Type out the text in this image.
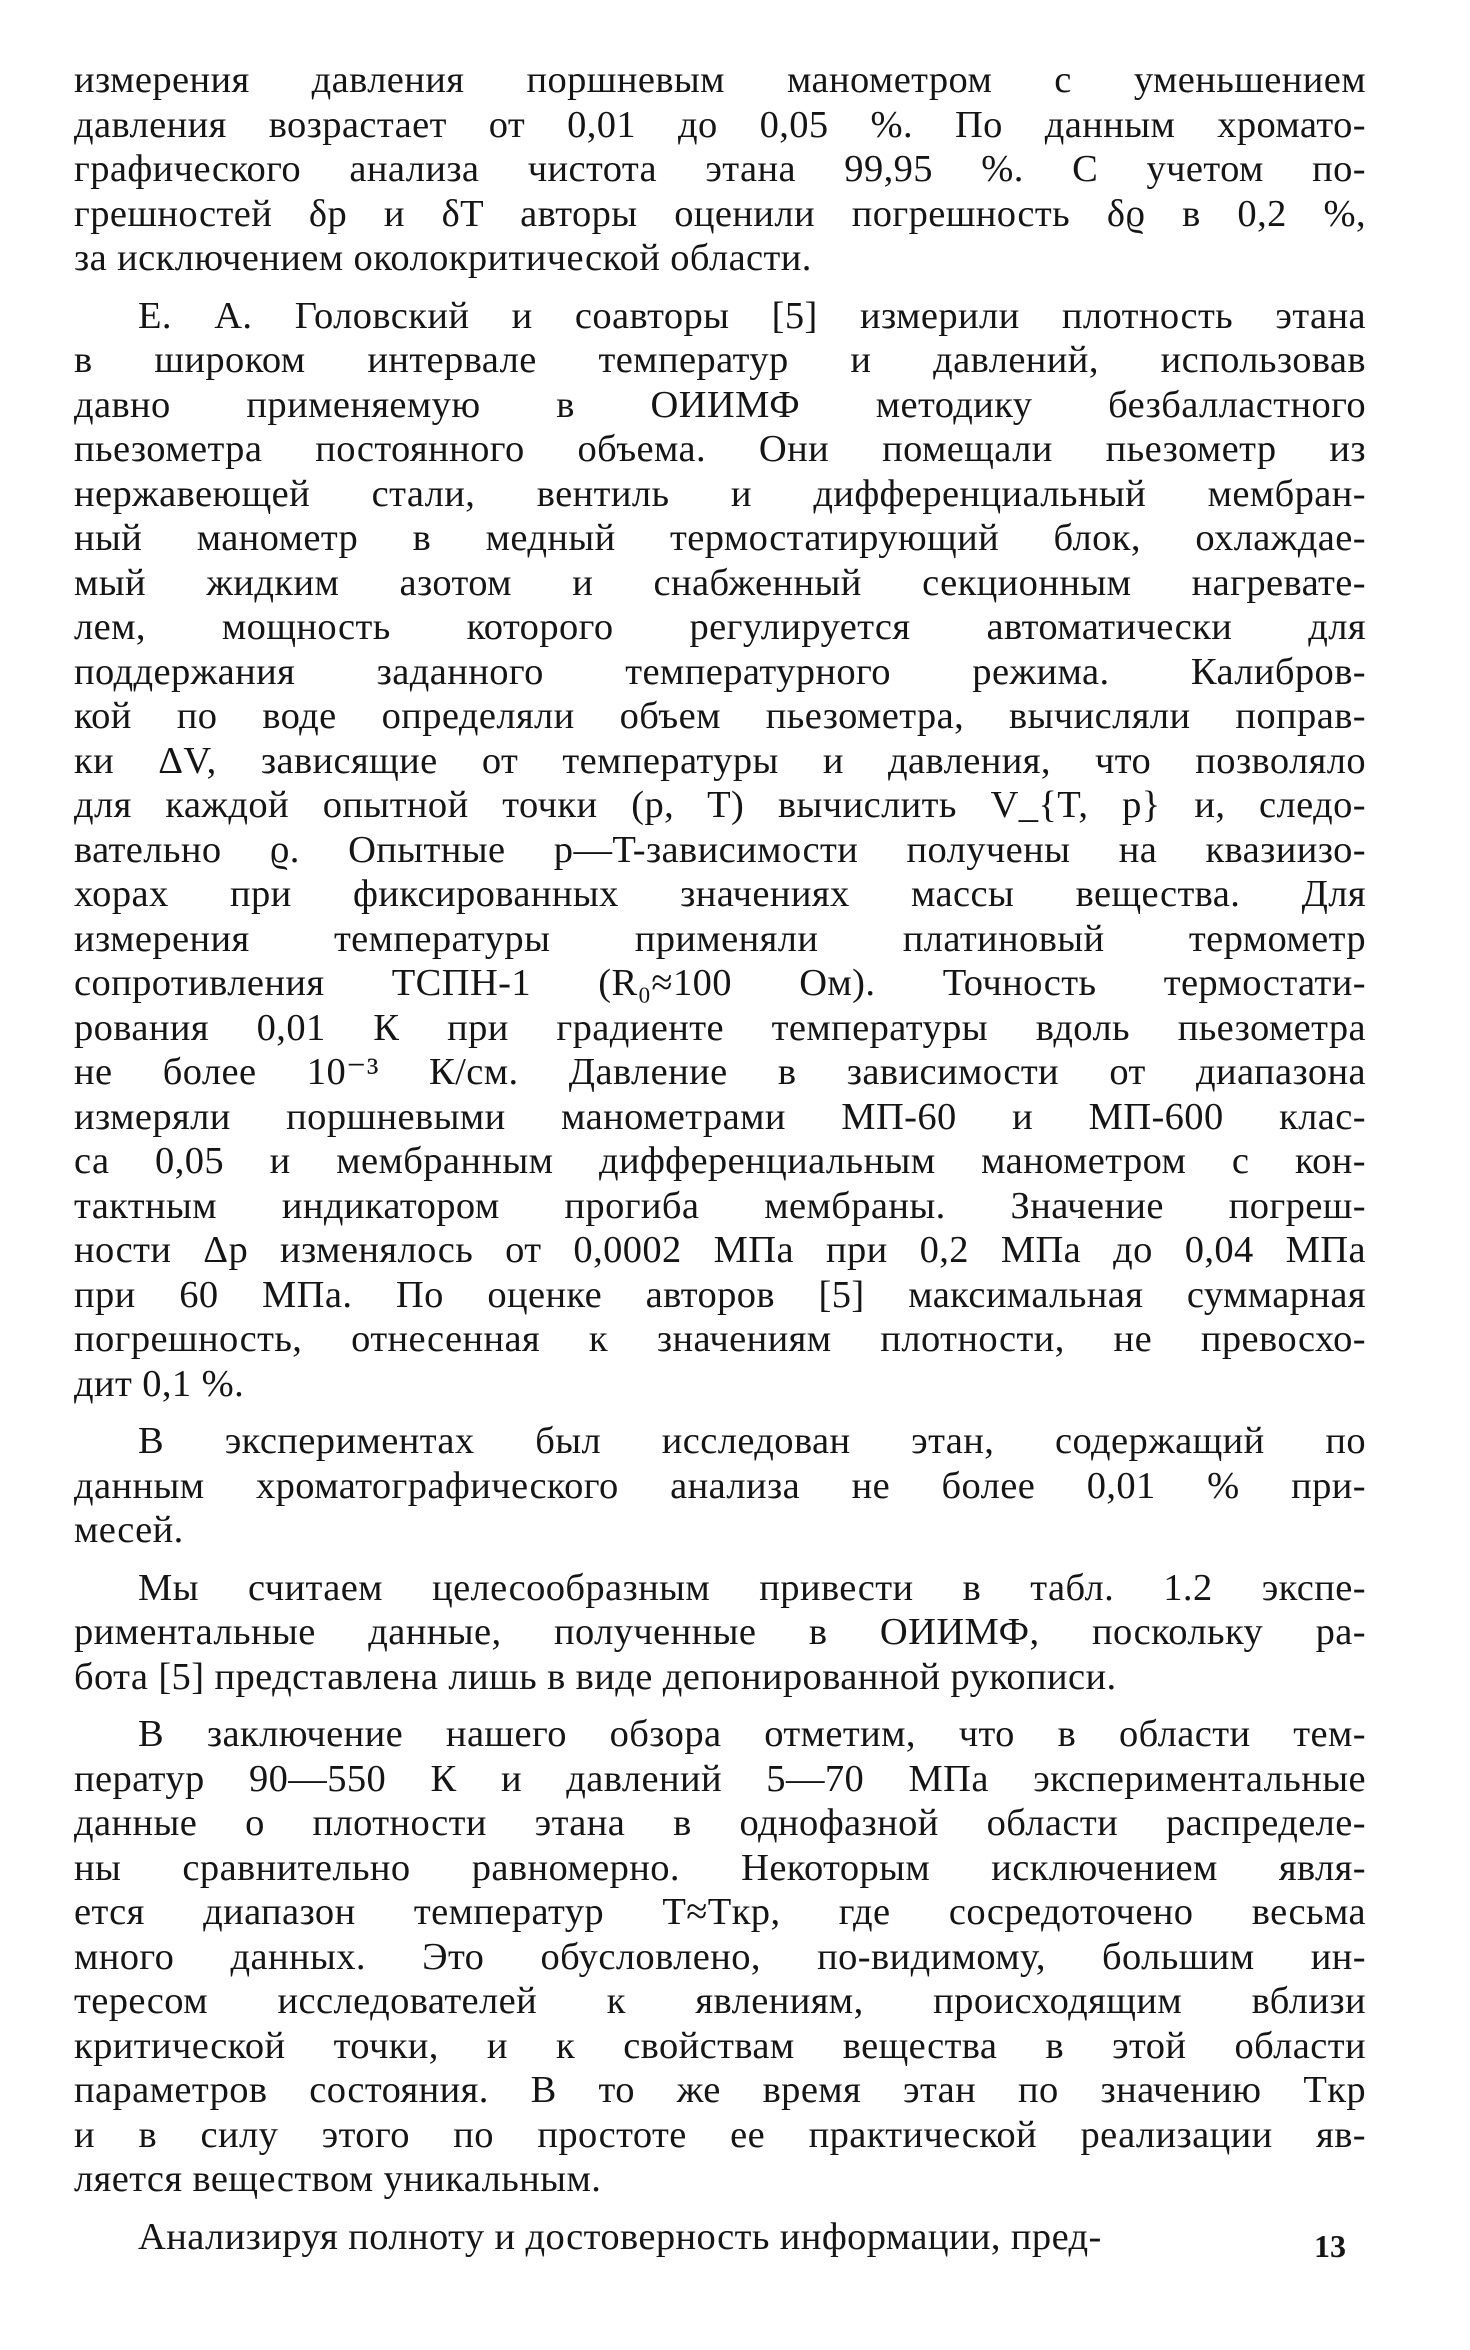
измерения давления поршневым манометром с уменьшением
давления возрастает от 0,01 до 0,05 %. По данным хромато-
графического анализа чистота этана 99,95 %. С учетом по-
грешностей δp и δT авторы оценили погрешность δϱ в 0,2 %,
за исключением околокритической области.
Е. А. Головский и соавторы [5] измерили плотность этана
в широком интервале температур и давлений, использовав
давно применяемую в ОИИМФ методику безбалластного
пьезометра постоянного объема. Они помещали пьезометр из
нержавеющей стали, вентиль и дифференциальный мембран-
ный манометр в медный термостатирующий блок, охлаждае-
мый жидким азотом и снабженный секционным нагревате-
лем, мощность которого регулируется автоматически для
поддержания заданного температурного режима. Калибров-
кой по воде определяли объем пьезометра, вычисляли поправ-
ки ΔV, зависящие от температуры и давления, что позволяло
для каждой опытной точки (p, T) вычислить V_{T, p} и, следо-
вательно ϱ. Опытные p—T-зависимости получены на квазиизо-
хорах при фиксированных значениях массы вещества. Для
измерения температуры применяли платиновый термометр
сопротивления ТСПН-1 (R₀≈100 Ом). Точность термостати-
рования 0,01 К при градиенте температуры вдоль пьезометра
не более 10⁻³ К/см. Давление в зависимости от диапазона
измеряли поршневыми манометрами МП-60 и МП-600 клас-
са 0,05 и мембранным дифференциальным манометром с кон-
тактным индикатором прогиба мембраны. Значение погреш-
ности Δp изменялось от 0,0002 МПа при 0,2 МПа до 0,04 МПа
при 60 МПа. По оценке авторов [5] максимальная суммарная
погрешность, отнесенная к значениям плотности, не превосхо-
дит 0,1 %.
В экспериментах был исследован этан, содержащий по
данным хроматографического анализа не более 0,01 % при-
месей.
Мы считаем целесообразным привести в табл. 1.2 экспе-
риментальные данные, полученные в ОИИМФ, поскольку ра-
бота [5] представлена лишь в виде депонированной рукописи.
В заключение нашего обзора отметим, что в области тем-
ператур 90—550 К и давлений 5—70 МПа экспериментальные
данные о плотности этана в однофазной области распределе-
ны сравнительно равномерно. Некоторым исключением явля-
ется диапазон температур T≈Tкр, где сосредоточено весьма
много данных. Это обусловлено, по-видимому, большим ин-
тересом исследователей к явлениям, происходящим вблизи
критической точки, и к свойствам вещества в этой области
параметров состояния. В то же время этан по значению Tкр
и в силу этого по простоте ее практической реализации яв-
ляется веществом уникальным.
Анализируя полноту и достоверность информации, пред-	13
